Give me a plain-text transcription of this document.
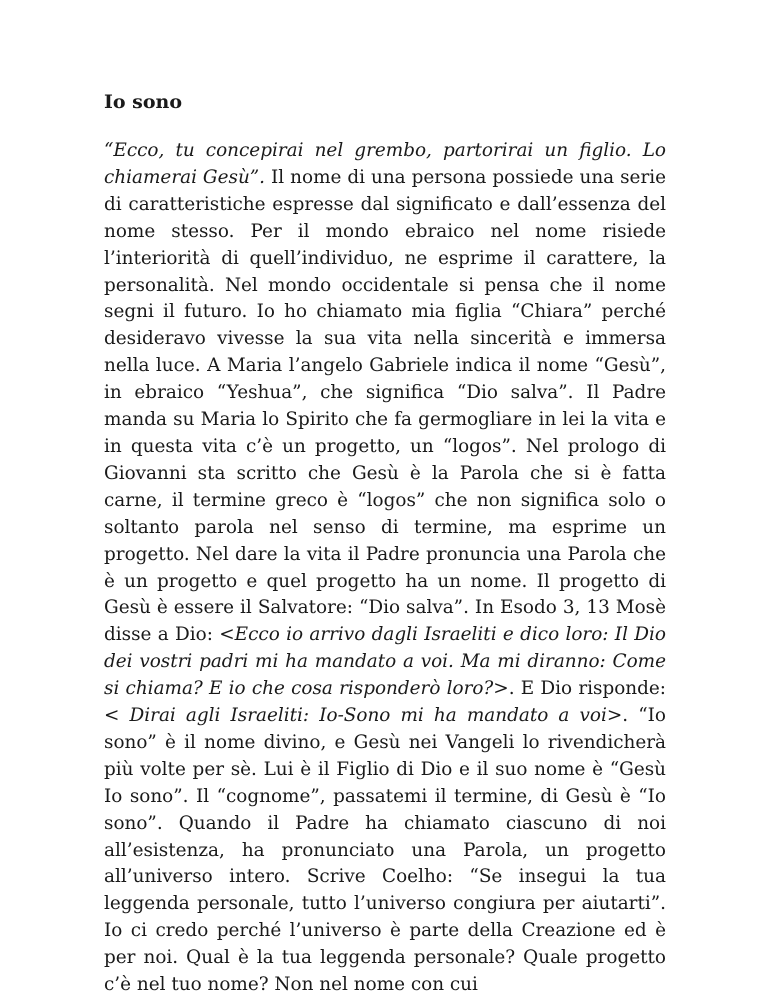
Io sono

“Ecco, tu concepirai nel grembo, partorirai un figlio. Lo chiamerai Gesù”. Il nome di una persona possiede una serie di caratteristiche espresse dal significato e dall’essenza del nome stesso. Per il mondo ebraico nel nome risiede l’interiorità di quell’individuo, ne esprime il carattere, la personalità. Nel mondo occidentale si pensa che il nome segni il futuro. Io ho chiamato mia figlia “Chiara” perché desideravo vivesse la sua vita nella sincerità e immersa nella luce. A Maria l’angelo Gabriele indica il nome “Gesù”, in ebraico “Yeshua”, che significa “Dio salva”. Il Padre manda su Maria lo Spirito che fa germogliare in lei la vita e in questa vita c’è un progetto, un “logos”. Nel prologo di Giovanni sta scritto che Gesù è la Parola che si è fatta carne, il termine greco è “logos” che non significa solo o soltanto parola nel senso di termine, ma esprime un progetto. Nel dare la vita il Padre pronuncia una Parola che è un progetto e quel progetto ha un nome. Il progetto di Gesù è essere il Salvatore: “Dio salva”. In Esodo 3, 13 Mosè disse a Dio: <Ecco io arrivo dagli Israeliti e dico loro: Il Dio dei vostri padri mi ha mandato a voi. Ma mi diranno: Come si chiama? E io che cosa risponderò loro?>. E Dio risponde: < Dirai agli Israeliti: Io-Sono mi ha mandato a voi>. “Io sono” è il nome divino, e Gesù nei Vangeli lo rivendicherà più volte per sè. Lui è il Figlio di Dio e il suo nome è “Gesù Io sono”. Il “cognome”, passatemi il termine, di Gesù è “Io sono”. Quando il Padre ha chiamato ciascuno di noi all’esistenza, ha pronunciato una Parola, un progetto all’universo intero. Scrive Coelho: “Se insegui la tua leggenda personale, tutto l’universo congiura per aiutarti”. Io ci credo perché l’universo è parte della Creazione ed è per noi. Qual è la tua leggenda personale? Quale progetto c’è nel tuo nome? Non nel nome con cui
